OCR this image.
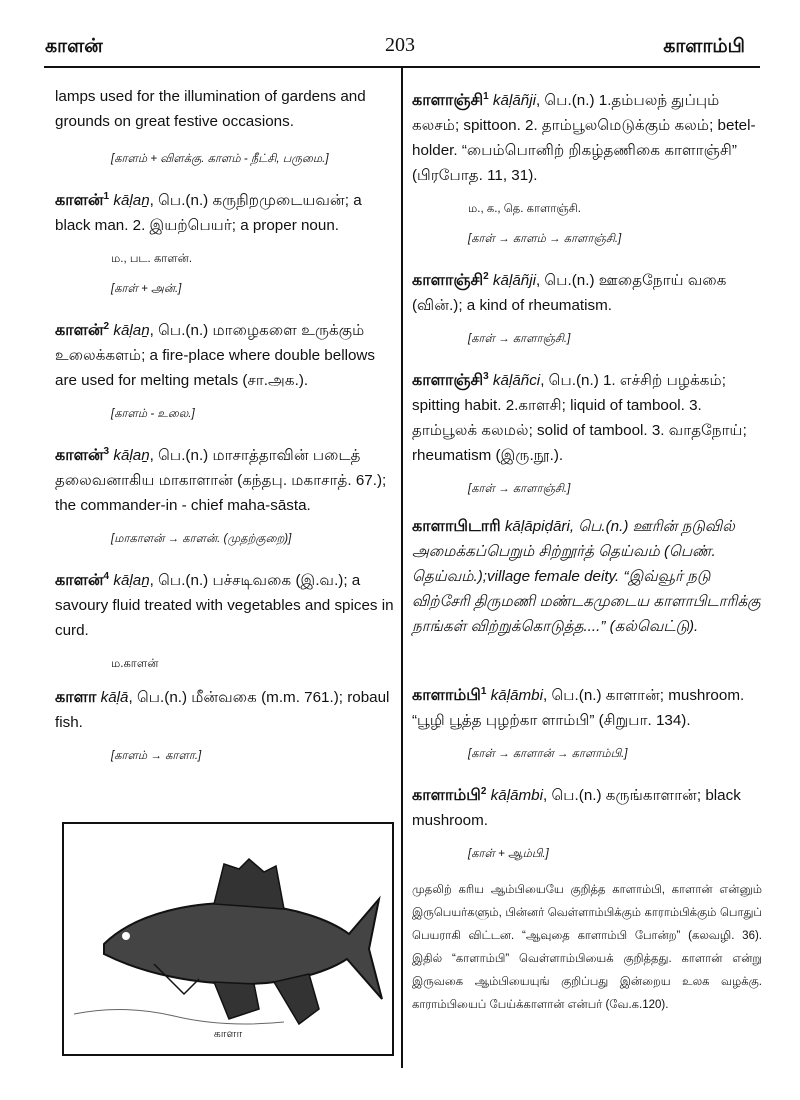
காளன்	203	காளாம்பி
lamps used for the illumination of gardens and grounds on great festive occasions.
[காளம் + விளக்கு. காளம் - நீட்சி, பருமை.]
காளன்$^1$ kāḷaṉ, பெ.(n.) கருநிறமுடையவன்; a black man. 2. இயற்பெயர்; a proper noun.
ம., பட. காளன்.
[காள் + அன்.]
காளன்$^2$ kāḷaṉ, பெ.(n.) மாழைகளை உருக்கும் உலைக்களம்; a fire-place where double bellows are used for melting metals (சா.அக.).
[காளம் - உலை.]
காளன்$^3$ kāḷaṉ, பெ.(n.) மாசாத்தாவின் படைத் தலைவனாகிய மாகாளான் (கந்தபு. மகாசாத். 67.); the commander-in - chief maha-sāsta.
[மாகாளன் → காளன். (முதற்குறை)]
காளன்$^4$ kāḷaṉ, பெ.(n.) பச்சடிவகை (இ.வ.); a savoury fluid treated with vegetables and spices in curd.
ம.காளன்
காளா kāḷā, பெ.(n.) மீன்வகை (m.m. 761.); robaul fish.
[காளம் → காளா.]
காளா
காளாஞ்சி$^1$ kāḷāñji, பெ.(n.) 1.தம்பலந் துப்பும் கலசம்; spittoon. 2. தாம்பூலமெடுக்கும் கலம்; betel-holder. “பைம்பொனிற் றிகழ்தணிகை காளாஞ்சி” (பிரபோத. 11, 31).
ம., க., தெ. காளாஞ்சி.
[காள் → காளம் → காளாஞ்சி.]
காளாஞ்சி$^2$ kāḷāñji, பெ.(n.) ஊதைநோய் வகை (வின்.); a kind of rheumatism.
[காள் → காளாஞ்சி.]
காளாஞ்சி$^3$ kāḷāñci, பெ.(n.) 1. எச்சிற் பழக்கம்; spitting habit. 2.காளசி; liquid of tambool. 3. தாம்பூலக் கலமல்; solid of tambool. 3. வாதநோய்; rheumatism (இரு.நூ.).
[காள் → காளாஞ்சி.]
காளாபிடாரி kāḷāpiḍāri, பெ.(n.) ஊரின் நடுவில் அமைக்கப்பெறும் சிற்றூர்த் தெய்வம் (பெண். தெய்வம்.);village female deity. “இவ்வூர் நடு விற்சேரி திருமணி மண்டகமுடைய காளாபிடாரிக்கு நாங்கள் விற்றுக்கொடுத்த....” (கல்வெட்டு).
காளாம்பி$^1$ kāḷāmbi, பெ.(n.) காளான்; mushroom. “பூழி பூத்த புழற்கா ளாம்பி” (சிறுபா. 134).
[காள் → காளான் → காளாம்பி.]
காளாம்பி$^2$ kāḷāmbi, பெ.(n.) கருங்காளான்; black mushroom.
[காள் + ஆம்பி.]
முதலிற் கரிய ஆம்பியையே குறித்த காளாம்பி, காளான் என்னும் இருபெயர்களும், பின்னர் வெள்ளாம்பிக்கும் காராம்பிக்கும் பொதுப் பெயராகி விட்டன. “ஆவுதை காளாம்பி போன்ற” (கலவழி. 36). இதில் “காளாம்பி” வெள்ளாம்பியைக் குறித்தது. காளான் என்று இருவகை ஆம்பியையுங் குறிப்பது இன்றைய உலக வழக்கு. காராம்பியைப் பேய்க்காளான் என்பர் (வே.க.120).
